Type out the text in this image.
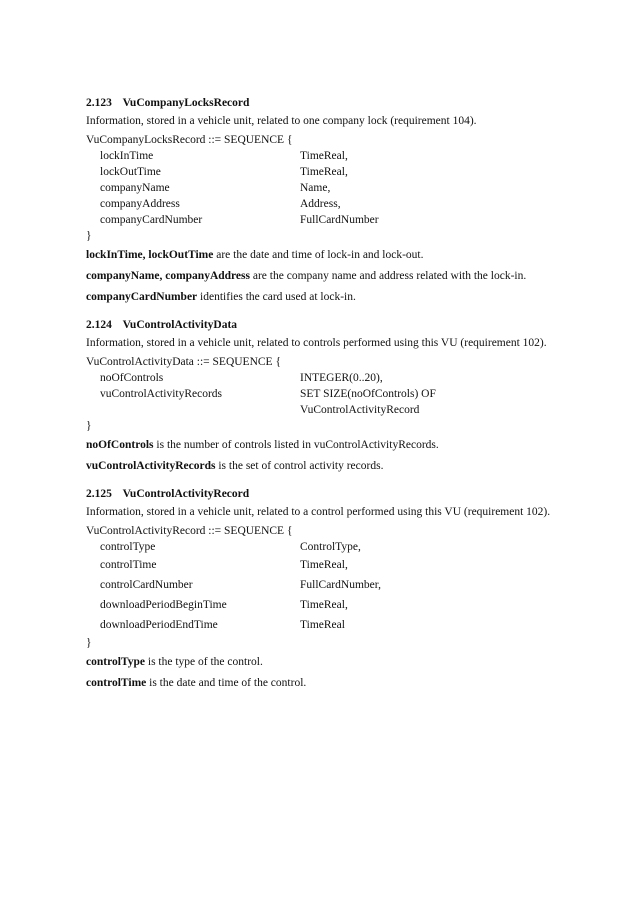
2.123 VuCompanyLocksRecord
Information, stored in a vehicle unit, related to one company lock (requirement 104).
VuCompanyLocksRecord ::= SEQUENCE {
lockInTime	TimeReal,
lockOutTime	TimeReal,
companyName	Name,
companyAddress	Address,
companyCardNumber	FullCardNumber
}

lockInTime, lockOutTime are the date and time of lock-in and lock-out.

companyName, companyAddress are the company name and address related with the lock-in.

companyCardNumber identifies the card used at lock-in.

2.124 VuControlActivityData
Information, stored in a vehicle unit, related to controls performed using this VU (requirement 102).
VuControlActivityData ::= SEQUENCE {
noOfControls	INTEGER(0..20),
vuControlActivityRecords	SET SIZE(noOfControls) OF
VuControlActivityRecord
}

noOfControls is the number of controls listed in vuControlActivityRecords.

vuControlActivityRecords is the set of control activity records.

2.125 VuControlActivityRecord
Information, stored in a vehicle unit, related to a control performed using this VU (requirement 102).
VuControlActivityRecord ::= SEQUENCE {
controlType	ControlType,
controlTime	TimeReal,
controlCardNumber	FullCardNumber,
downloadPeriodBeginTime	TimeReal,
downloadPeriodEndTime	TimeReal
}

controlType is the type of the control.

controlTime is the date and time of the control.
